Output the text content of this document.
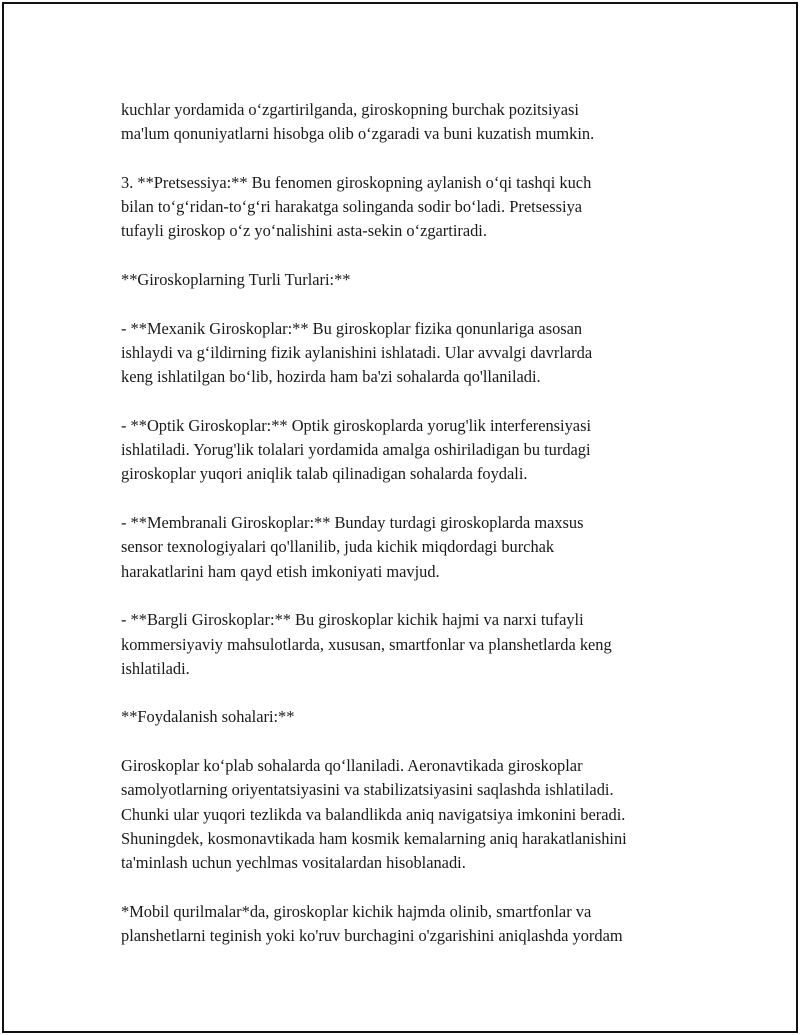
kuchlar yordamida o‘zgartirilganda, giroskopning burchak pozitsiyasi
ma'lum qonuniyatlarni hisobga olib o‘zgaradi va buni kuzatish mumkin.
3. **Pretsessiya:** Bu fenomen giroskopning aylanish o‘qi tashqi kuch
bilan to‘g‘ridan-to‘g‘ri harakatga solinganda sodir bo‘ladi. Pretsessiya
tufayli giroskop o‘z yo‘nalishini asta-sekin o‘zgartiradi.
**Giroskoplarning Turli Turlari:**
- **Mexanik Giroskoplar:** Bu giroskoplar fizika qonunlariga asosan
ishlaydi va g‘ildirning fizik aylanishini ishlatadi. Ular avvalgi davrlarda
keng ishlatilgan bo‘lib, hozirda ham ba'zi sohalarda qo'llaniladi.
- **Optik Giroskoplar:** Optik giroskoplarda yorug'lik interferensiyasi
ishlatiladi. Yorug'lik tolalari yordamida amalga oshiriladigan bu turdagi
giroskoplar yuqori aniqlik talab qilinadigan sohalarda foydali.
- **Membranali Giroskoplar:** Bunday turdagi giroskoplarda maxsus
sensor texnologiyalari qo'llanilib, juda kichik miqdordagi burchak
harakatlarini ham qayd etish imkoniyati mavjud.
- **Bargli Giroskoplar:** Bu giroskoplar kichik hajmi va narxi tufayli
kommersiyaviy mahsulotlarda, xususan, smartfonlar va planshetlarda keng
ishlatiladi.
**Foydalanish sohalari:**
Giroskoplar ko‘plab sohalarda qo‘llaniladi. Aeronavtikada giroskoplar
samolyotlarning oriyentatsiyasini va stabilizatsiyasini saqlashda ishlatiladi.
Chunki ular yuqori tezlikda va balandlikda aniq navigatsiya imkonini beradi.
Shuningdek, kosmonavtikada ham kosmik kemalarning aniq harakatlanishini
ta'minlash uchun yechlmas vositalardan hisoblanadi.
*Mobil qurilmalar*da, giroskoplar kichik hajmda olinib, smartfonlar va
planshetlarni teginish yoki ko'ruv burchagini o'zgarishini aniqlashda yordam
